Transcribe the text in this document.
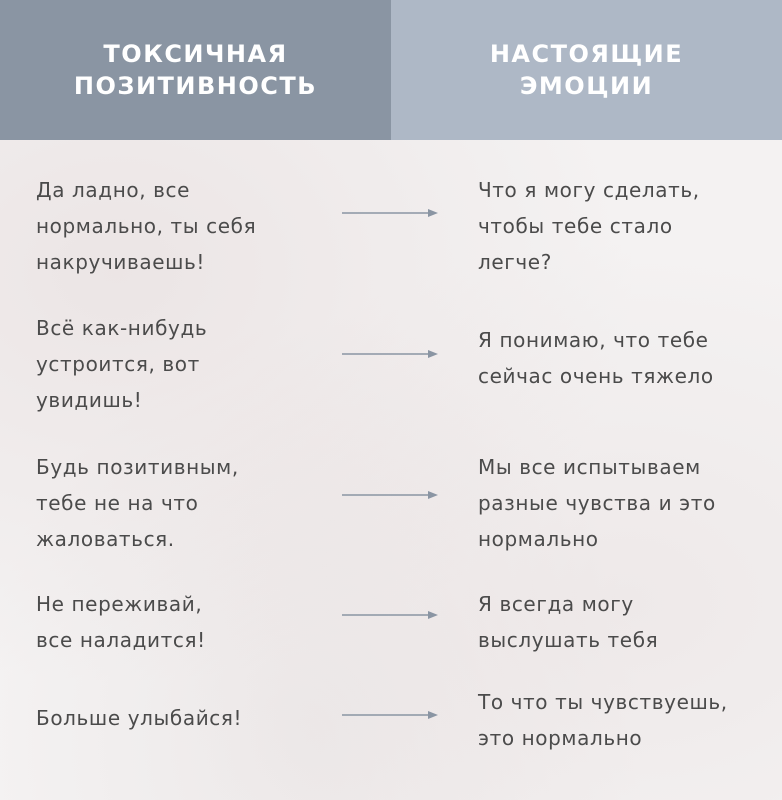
ТОКСИЧНАЯ
ПОЗИТИВНОСТЬ
НАСТОЯЩИЕ
ЭМОЦИИ
Да ладно, все
нормально, ты себя
накручиваешь!
Что я могу сделать,
чтобы тебе стало
легче?
Всё как-нибудь
устроится, вот
увидишь!
Я понимаю, что тебе
сейчас очень тяжело
Будь позитивным,
тебе не на что
жаловаться.
Мы все испытываем
разные чувства и это
нормально
Не переживай,
все наладится!
Я всегда могу
выслушать тебя
Больше улыбайся!
То что ты чувствуешь,
это нормально
